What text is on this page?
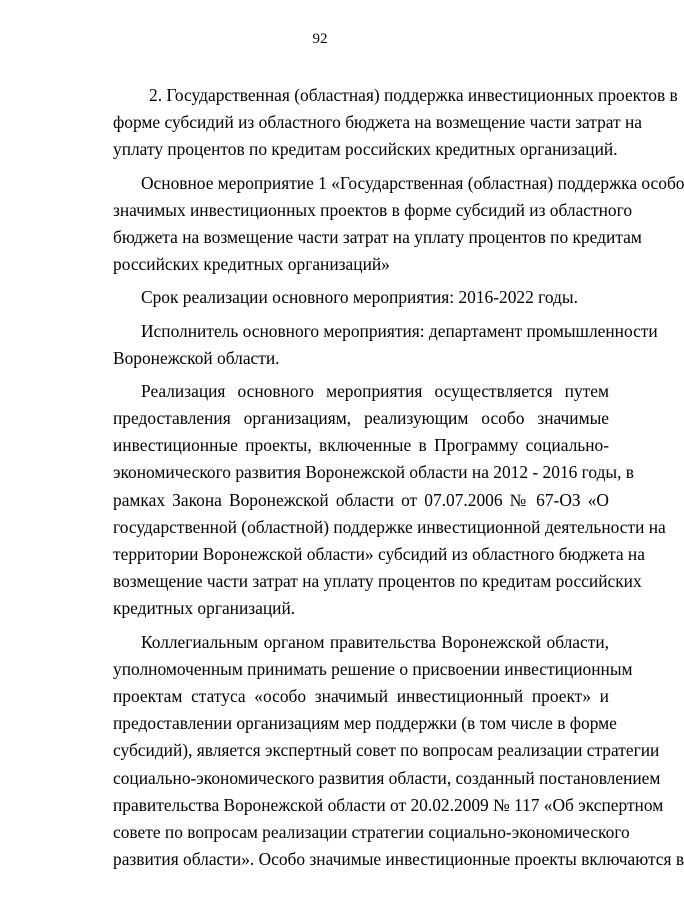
92
2. Государственная (областная) поддержка инвестиционных проектов в
форме субсидий из областного бюджета на возмещение части затрат на
уплату процентов по кредитам российских кредитных организаций.
Основное мероприятие 1 «Государственная (областная) поддержка особо
значимых инвестиционных проектов в форме субсидий из областного
бюджета на возмещение части затрат на уплату процентов по кредитам
российских кредитных организаций»
Срок реализации основного мероприятия: 2016-2022 годы.
Исполнитель основного мероприятия: департамент промышленности
Воронежской области.
Реализация основного мероприятия осуществляется путем
предоставления организациям, реализующим особо значимые
инвестиционные проекты, включенные в Программу социально-
экономического развития Воронежской области на 2012 - 2016 годы, в
рамках Закона Воронежской области от 07.07.2006 № 67-ОЗ «О
государственной (областной) поддержке инвестиционной деятельности на
территории Воронежской области» субсидий из областного бюджета на
возмещение части затрат на уплату процентов по кредитам российских
кредитных организаций.
Коллегиальным органом правительства Воронежской области,
уполномоченным принимать решение о присвоении инвестиционным
проектам статуса «особо значимый инвестиционный проект» и
предоставлении организациям мер поддержки (в том числе в форме
субсидий), является экспертный совет по вопросам реализации стратегии
социально-экономического развития области, созданный постановлением
правительства Воронежской области от 20.02.2009 № 117 «Об экспертном
совете по вопросам реализации стратегии социально-экономического
развития области». Особо значимые инвестиционные проекты включаются в
